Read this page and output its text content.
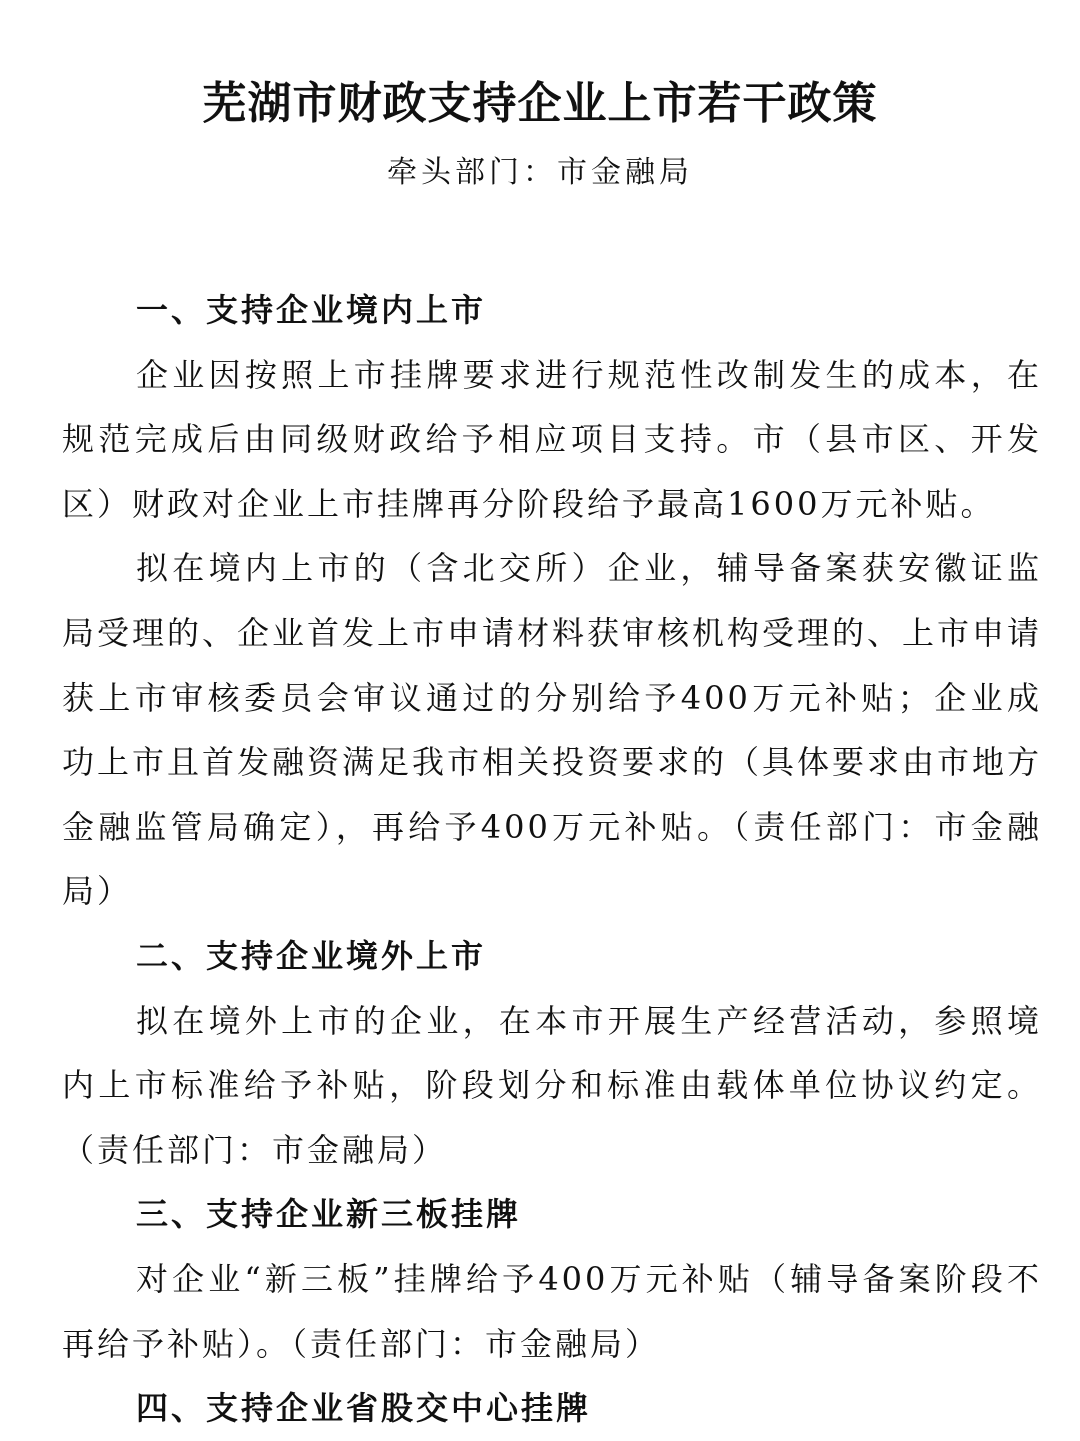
芜湖市财政支持企业上市若干政策
牵头部门：市金融局

一、支持企业境内上市

企业因按照上市挂牌要求进行规范性改制发生的成本，在规范完成后由同级财政给予相应项目支持。市（县市区、开发区）财政对企业上市挂牌再分阶段给予最高1600万元补贴。

拟在境内上市的（含北交所）企业，辅导备案获安徽证监局受理的、企业首发上市申请材料获审核机构受理的、上市申请获上市审核委员会审议通过的分别给予400万元补贴；企业成功上市且首发融资满足我市相关投资要求的（具体要求由市地方金融监管局确定），再给予400万元补贴。（责任部门：市金融局）

二、支持企业境外上市

拟在境外上市的企业，在本市开展生产经营活动，参照境内上市标准给予补贴，阶段划分和标准由载体单位协议约定。（责任部门：市金融局）

三、支持企业新三板挂牌

对企业“新三板”挂牌给予400万元补贴（辅导备案阶段不再给予补贴）。（责任部门：市金融局）

四、支持企业省股交中心挂牌
